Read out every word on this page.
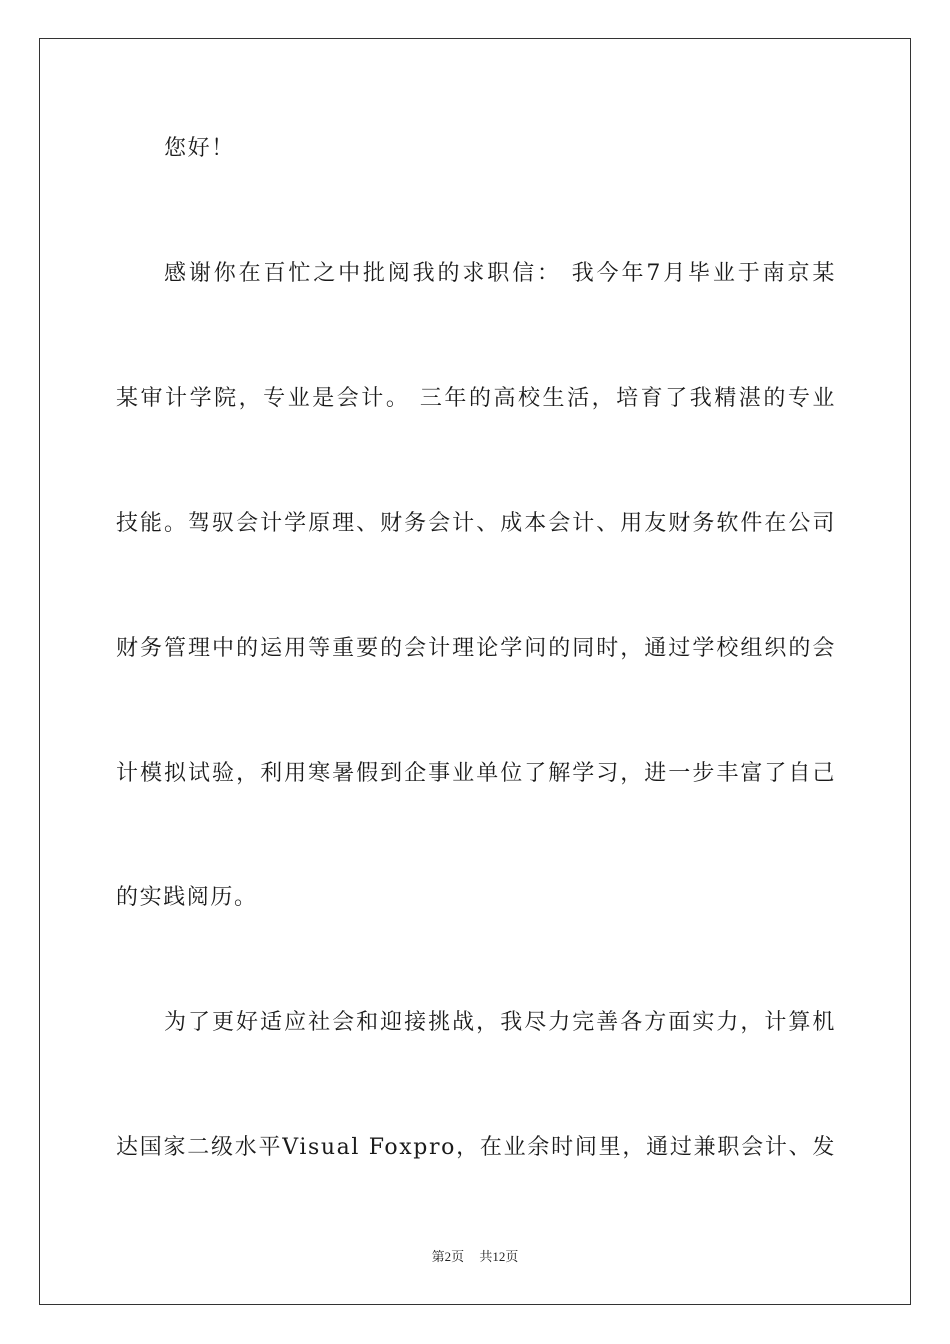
您好！
感谢你在百忙之中批阅我的求职信： 我今年7月毕业于南京某
某审计学院，专业是会计。 三年的高校生活，培育了我精湛的专业
技能。驾驭会计学原理、财务会计、成本会计、用友财务软件在公司
财务管理中的运用等重要的会计理论学问的同时，通过学校组织的会
计模拟试验，利用寒暑假到企事业单位了解学习，进一步丰富了自己
的实践阅历。
为了更好适应社会和迎接挑战，我尽力完善各方面实力，计算机
达国家二级水平Visual Foxpro，在业余时间里，通过兼职会计、发
第2页 共12页
